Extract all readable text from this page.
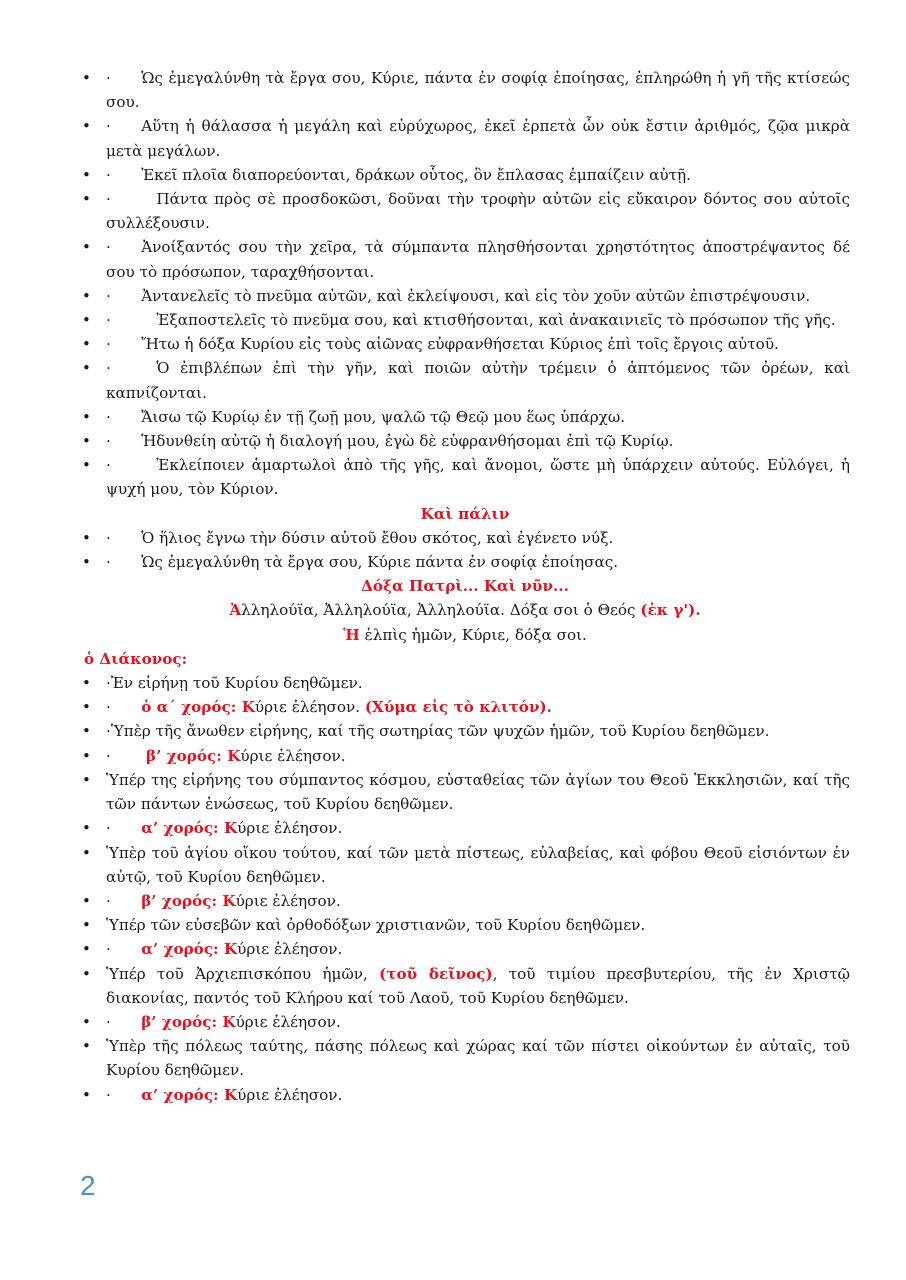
• ·  Ὡς ἐμεγαλύνθη τὰ ἔργα σου, Κύριε, πάντα ἐν σοφίᾳ ἐποίησας, ἐπληρώθη ἡ γῆ τῆς κτίσεώς σου.
• ·  Αὕτη ἡ θάλασσα ἡ μεγάλη καὶ εὐρύχωρος, ἐκεῖ ἑρπετὰ ὧν οὐκ ἔστιν ἀριθμός, ζῷα μικρὰ μετὰ μεγάλων.
• ·  Ἐκεῖ πλοῖα διαπορεύονται, δράκων οὗτος, ὃν ἔπλασας ἐμπαίζειν αὐτῇ.
• ·   Πάντα πρὸς σὲ προσδοκῶσι, δοῦναι τὴν τροφὴν αὐτῶν εἰς εὔκαιρον δόντος σου αὐτοῖς συλλέξουσιν.
• ·  Ἀνοίξαντός σου τὴν χεῖρα, τὰ σύμπαντα πλησθήσονται χρηστότητος ἀποστρέψαντος δέ σου τὸ πρόσωπον, ταραχθήσονται.
• ·  Ἀντανελεῖς τὸ πνεῦμα αὐτῶν, καὶ ἐκλείψουσι, καὶ εἰς τὸν χοῦν αὐτῶν ἐπιστρέψουσιν.
• ·   Ἐξαποστελεῖς τὸ πνεῦμα σου, καὶ κτισθήσονται, καὶ ἀνακαινιεῖς τὸ πρόσωπον τῆς γῆς.
• ·  Ἤτω ἡ δόξα Κυρίου εἰς τοὺς αἰῶνας εὐφρανθήσεται Κύριος ἐπὶ τοῖς ἔργοις αὐτοῦ.
• ·   Ὁ ἐπιβλέπων ἐπὶ τὴν γῆν, καὶ ποιῶν αὐτὴν τρέμειν ὁ ἁπτόμενος τῶν ὀρέων, καὶ καπνίζονται.
• ·  Ἄισω τῷ Κυρίῳ ἐν τῇ ζωῇ μου, ψαλῶ τῷ Θεῷ μου ἕως ὑπάρχω.
• ·  Ἡδυνθείη αὐτῷ ἡ διαλογή μου, ἐγὼ δὲ εὐφρανθήσομαι ἐπὶ τῷ Κυρίῳ.
• ·   Ἐκλείποιεν ἁμαρτωλοὶ ἀπὸ τῆς γῆς, καὶ ἄνομοι, ὥστε μὴ ὑπάρχειν αὐτούς. Εὐλόγει, ἡ ψυχή μου, τὸν Κύριον.
Καὶ πάλιν
• ·  Ὁ ἥλιος ἔγνω τὴν δύσιν αὐτοῦ ἔθου σκότος, καὶ ἐγένετο νύξ.
• ·  Ὡς ἐμεγαλύνθη τὰ ἔργα σου, Κύριε πάντα ἐν σοφίᾳ ἐποίησας.
Δόξα Πατρὶ... Καὶ νῦν...
Ἀλληλούϊα, Ἀλληλούϊα, Ἀλληλούϊα. Δόξα σοι ὁ Θεός (ἐκ γ').
Ἡ ἐλπὶς ἡμῶν, Κύριε, δόξα σοι.
ὁ Διάκονος:
• ·Ἐν εἰρήνῃ τοῦ Κυρίου δεηθῶμεν.
• ·  ὁ α΄ χορός: Κύριε ἐλέησον. (Χύμα εἰς τὸ κλιτόν).
• ·Ὑπὲρ τῆς ἄνωθεν εἰρήνης, καί τῆς σωτηρίας τῶν ψυχῶν ἡμῶν, τοῦ Κυρίου δεηθῶμεν.
• ·   β’ χορός: Κύριε ἐλέησον.
• Ὑπέρ της εἰρήνης του σύμπαντος κόσμου, εὐσταθείας τῶν ἁγίων του Θεοῦ Ἐκκλησιῶν, καί τῆς τῶν πάντων ἑνώσεως, τοῦ Κυρίου δεηθῶμεν.
• ·  α’ χορός: Κύριε ἐλέησον.
• Ὑπὲρ τοῦ ἁγίου οἴκου τούτου, καί τῶν μετὰ πίστεως, εὐλαβείας, καὶ φόβου Θεοῦ εἰσιόντων ἐν αὐτῷ, τοῦ Κυρίου δεηθῶμεν.
• ·  β’ χορός: Κύριε ἐλέησον.
• Ὑπέρ τῶν εὐσεβῶν καὶ ὀρθοδόξων χριστιανῶν, τοῦ Κυρίου δεηθῶμεν.
• ·  α’ χορός: Κύριε ἐλέησον.
• Ὑπέρ τοῦ Ἀρχιεπισκόπου ἡμῶν, (τοῦ δεῖνος), τοῦ τιμίου πρεσβυτερίου, τῆς ἐν Χριστῷ διακονίας, παντός τοῦ Κλήρου καί τοῦ Λαοῦ, τοῦ Κυρίου δεηθῶμεν.
• ·  β’ χορός: Κύριε ἐλέησον.
• Ὑπὲρ τῆς πόλεως ταύτης, πάσης πόλεως καὶ χώρας καί τῶν πίστει οἰκούντων ἐν αὐταῖς, τοῦ Κυρίου δεηθῶμεν.
• ·  α’ χορός: Κύριε ἐλέησον.
2
